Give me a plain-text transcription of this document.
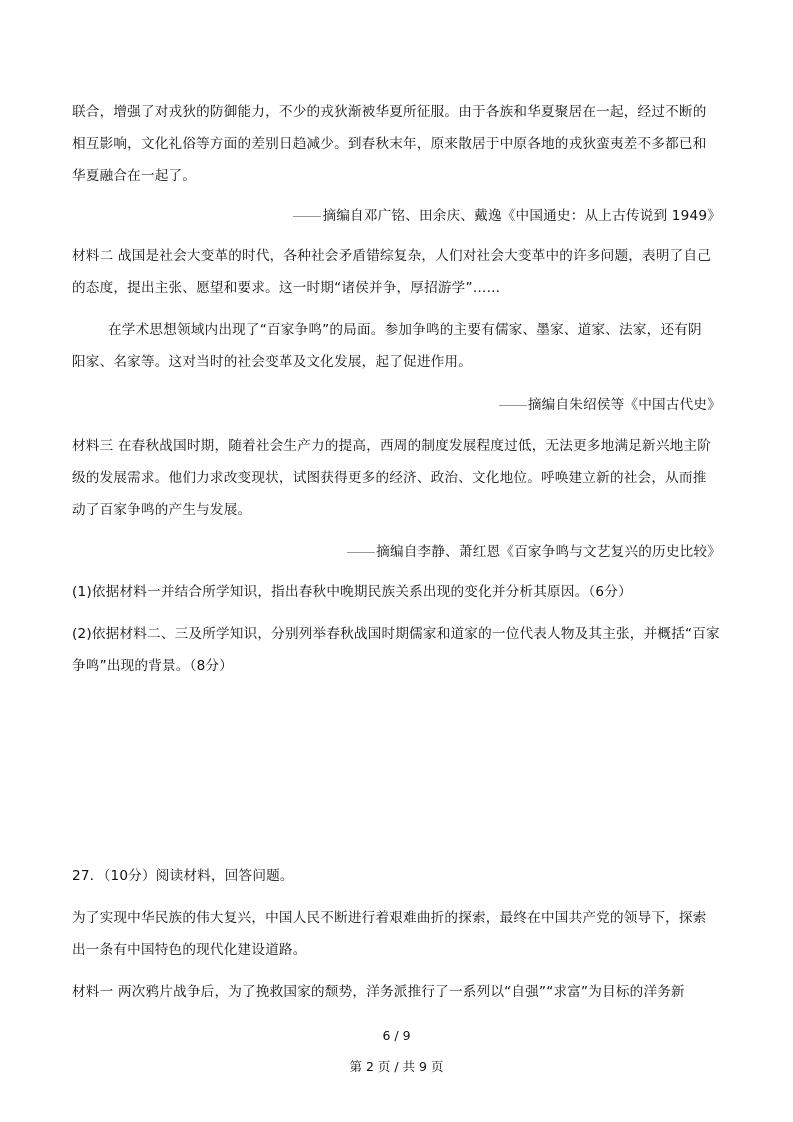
联合，增强了对戎狄的防御能力，不少的戎狄渐被华夏所征服。由于各族和华夏聚居在一起，经过不断的
相互影响，文化礼俗等方面的差别日趋减少。到春秋末年，原来散居于中原各地的戎狄蛮夷差不多都已和
华夏融合在一起了。
摘编自邓广铭、田余庆、戴逸《中国通史：从上古传说到 1949》
材料二 战国是社会大变革的时代，各种社会矛盾错综复杂，人们对社会大变革中的许多问题，表明了自己
的态度，提出主张、愿望和要求。这一时期“诸侯并争，厚招游学”……
在学术思想领域内出现了“百家争鸣”的局面。参加争鸣的主要有儒家、墨家、道家、法家，还有阴
阳家、名家等。这对当时的社会变革及文化发展，起了促进作用。
摘编自朱绍侯等《中国古代史》
材料三 在春秋战国时期，随着社会生产力的提高，西周的制度发展程度过低，无法更多地满足新兴地主阶
级的发展需求。他们力求改变现状，试图获得更多的经济、政治、文化地位。呼唤建立新的社会，从而推
动了百家争鸣的产生与发展。
摘编自李静、萧红恩《百家争鸣与文艺复兴的历史比较》
(1)依据材料一并结合所学知识，指出春秋中晚期民族关系出现的变化并分析其原因。（6分）
(2)依据材料二、三及所学知识，分别列举春秋战国时期儒家和道家的一位代表人物及其主张，并概括“百家
争鸣”出现的背景。（8分）
27．（10分）阅读材料，回答问题。
为了实现中华民族的伟大复兴，中国人民不断进行着艰难曲折的探索，最终在中国共产党的领导下，探索
出一条有中国特色的现代化建设道路。
材料一 两次鸦片战争后，为了挽救国家的颓势，洋务派推行了一系列以“自强”“求富”为目标的洋务新
6 / 9
第 2 页 / 共 9 页
